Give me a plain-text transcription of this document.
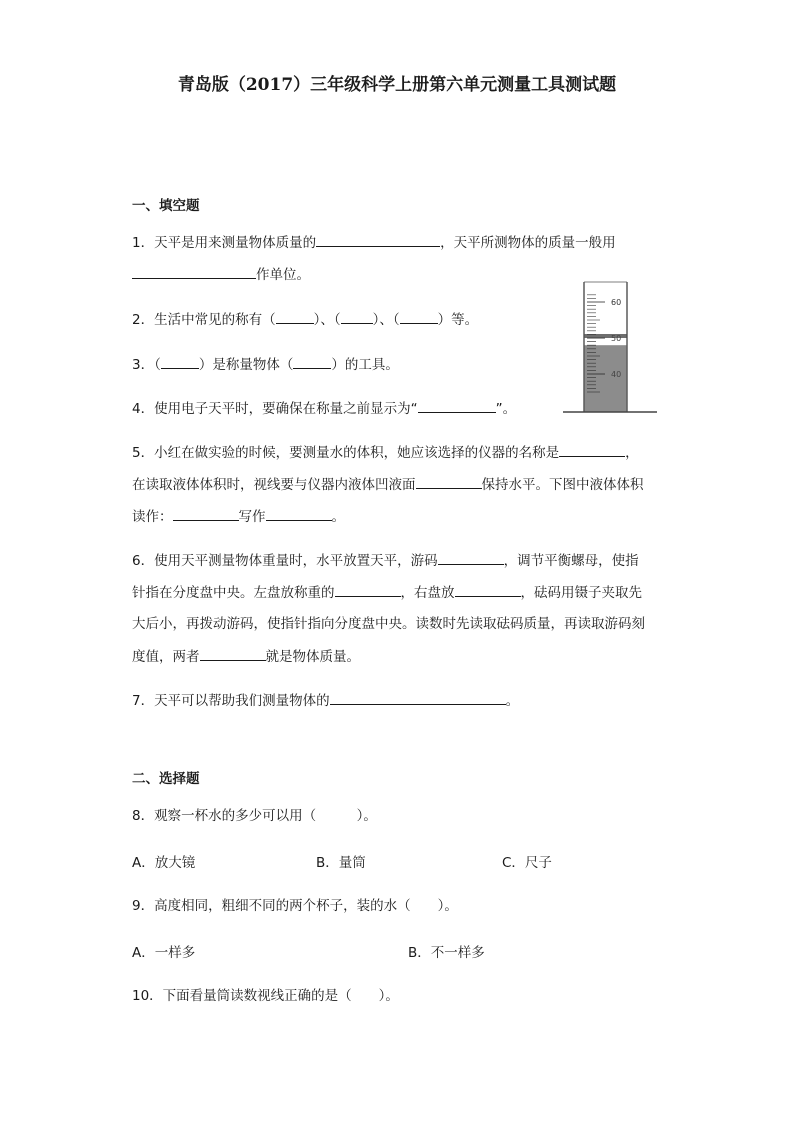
青岛版（2017）三年级科学上册第六单元测量工具测试题
一、填空题
1．天平是用来测量物体质量的	，天平所测物体的质量一般用
作单位。
2．生活中常见的称有（	）、（ ）、（	）等。
3．（	）是称量物体（	）的工具。
4．使用电子天平时，要确保在称量之前显示为“	”。
60
50
40
5．小红在做实验的时候，要测量水的体积，她应该选择的仪器的名称是	，
在读取液体体积时，视线要与仪器内液体凹液面	保持水平。下图中液体体积
读作：	写作	。
6．使用天平测量物体重量时，水平放置天平，游码	，调节平衡螺母，使指
针指在分度盘中央。左盘放称重的	，右盘放	，砝码用镊子夹取先
大后小，再拨动游码，使指针指向分度盘中央。读数时先读取砝码质量，再读取游码刻
度值，两者	就是物体质量。
7．天平可以帮助我们测量物体的	。
二、选择题
8．观察一杯水的多少可以用（　　　）。
A．放大镜	B．量筒	C．尺子
9．高度相同，粗细不同的两个杯子，装的水（　　）。
A．一样多	B．不一样多
10．下面看量筒读数视线正确的是（　　）。
